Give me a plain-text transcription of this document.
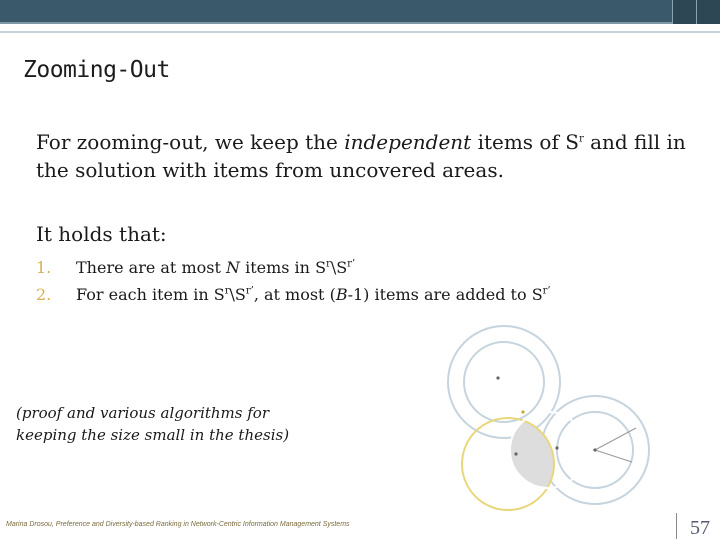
Zooming-Out
For zooming-out, we keep the independent items of $S^r$ and fill in the solution with items from uncovered areas.
It holds that:
1. There are at most N items in $S^r\backslash S^{r’}$
2. For each item in $S^r\backslash S^{r’}$, at most (B-1) items are added to $S^{r’}$
(proof and various algorithms for keeping the size small in the thesis)
Marina Drosou, Preference and Diversity-based Ranking in Network-Centric Information Management Systems	57
